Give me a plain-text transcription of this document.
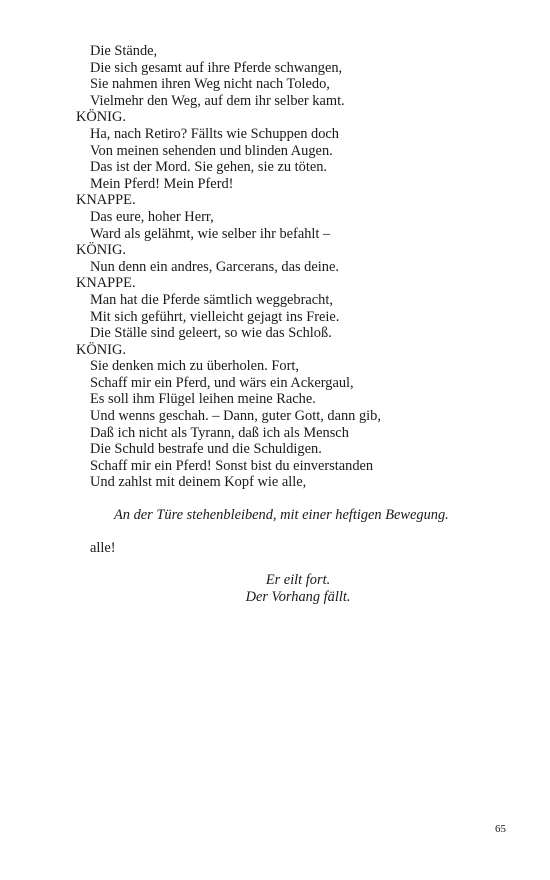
Die Stände,
Die sich gesamt auf ihre Pferde schwangen,
Sie nahmen ihren Weg nicht nach Toledo,
Vielmehr den Weg, auf dem ihr selber kamt.
KÖNIG.
Ha, nach Retiro? Fällts wie Schuppen doch
Von meinen sehenden und blinden Augen.
Das ist der Mord. Sie gehen, sie zu töten.
Mein Pferd! Mein Pferd!
KNAPPE.
Das eure, hoher Herr,
Ward als gelähmt, wie selber ihr befahlt –
KÖNIG.
Nun denn ein andres, Garcerans, das deine.
KNAPPE.
Man hat die Pferde sämtlich weggebracht,
Mit sich geführt, vielleicht gejagt ins Freie.
Die Ställe sind geleert, so wie das Schloß.
KÖNIG.
Sie denken mich zu überholen. Fort,
Schaff mir ein Pferd, und wärs ein Ackergaul,
Es soll ihm Flügel leihen meine Rache.
Und wenns geschah. – Dann, guter Gott, dann gib,
Daß ich nicht als Tyrann, daß ich als Mensch
Die Schuld bestrafe und die Schuldigen.
Schaff mir ein Pferd! Sonst bist du einverstanden
Und zahlst mit deinem Kopf wie alle,
An der Türe stehenbleibend, mit einer heftigen Bewegung.
alle!
Er eilt fort.
Der Vorhang fällt.
65
